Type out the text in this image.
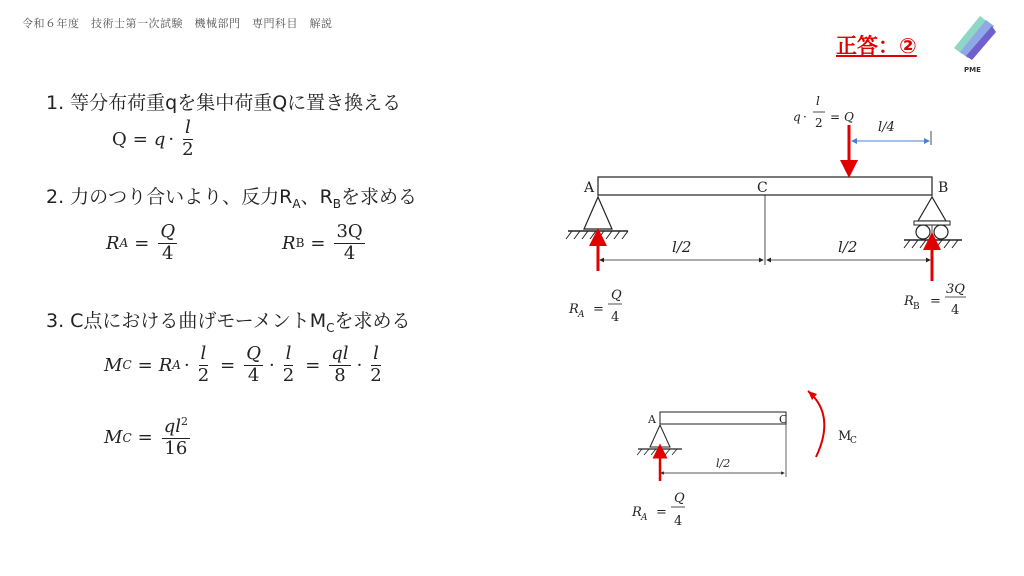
令和６年度　技術士第一次試験　機械部門　専門科目　解説
正答：②
PME
1. 等分布荷重qを集中荷重Qに置き換える
$Q = q \cdot \frac{l}{2}$
2. 力のつり合いより、反力$R_A$、$R_B$を求める
R $A = \frac{Q}{4}$	R $B = \frac{3Q}{4}$
3. C点における曲げモーメント$M_C$を求める
M C = R $A \cdot \frac{l}{2} = \frac{Q}{4} \cdot \frac{l}{2} = \frac{ql}{8} \cdot \frac{l}{2}$
M $C = \frac{ql^2}{16}$
A	C	B
l/2	l/2
l/4
q ·
l
2 = Q
R A =
Q
4
R B =
3Q
4
A	C
l/2
M
C
R A =
Q
4
